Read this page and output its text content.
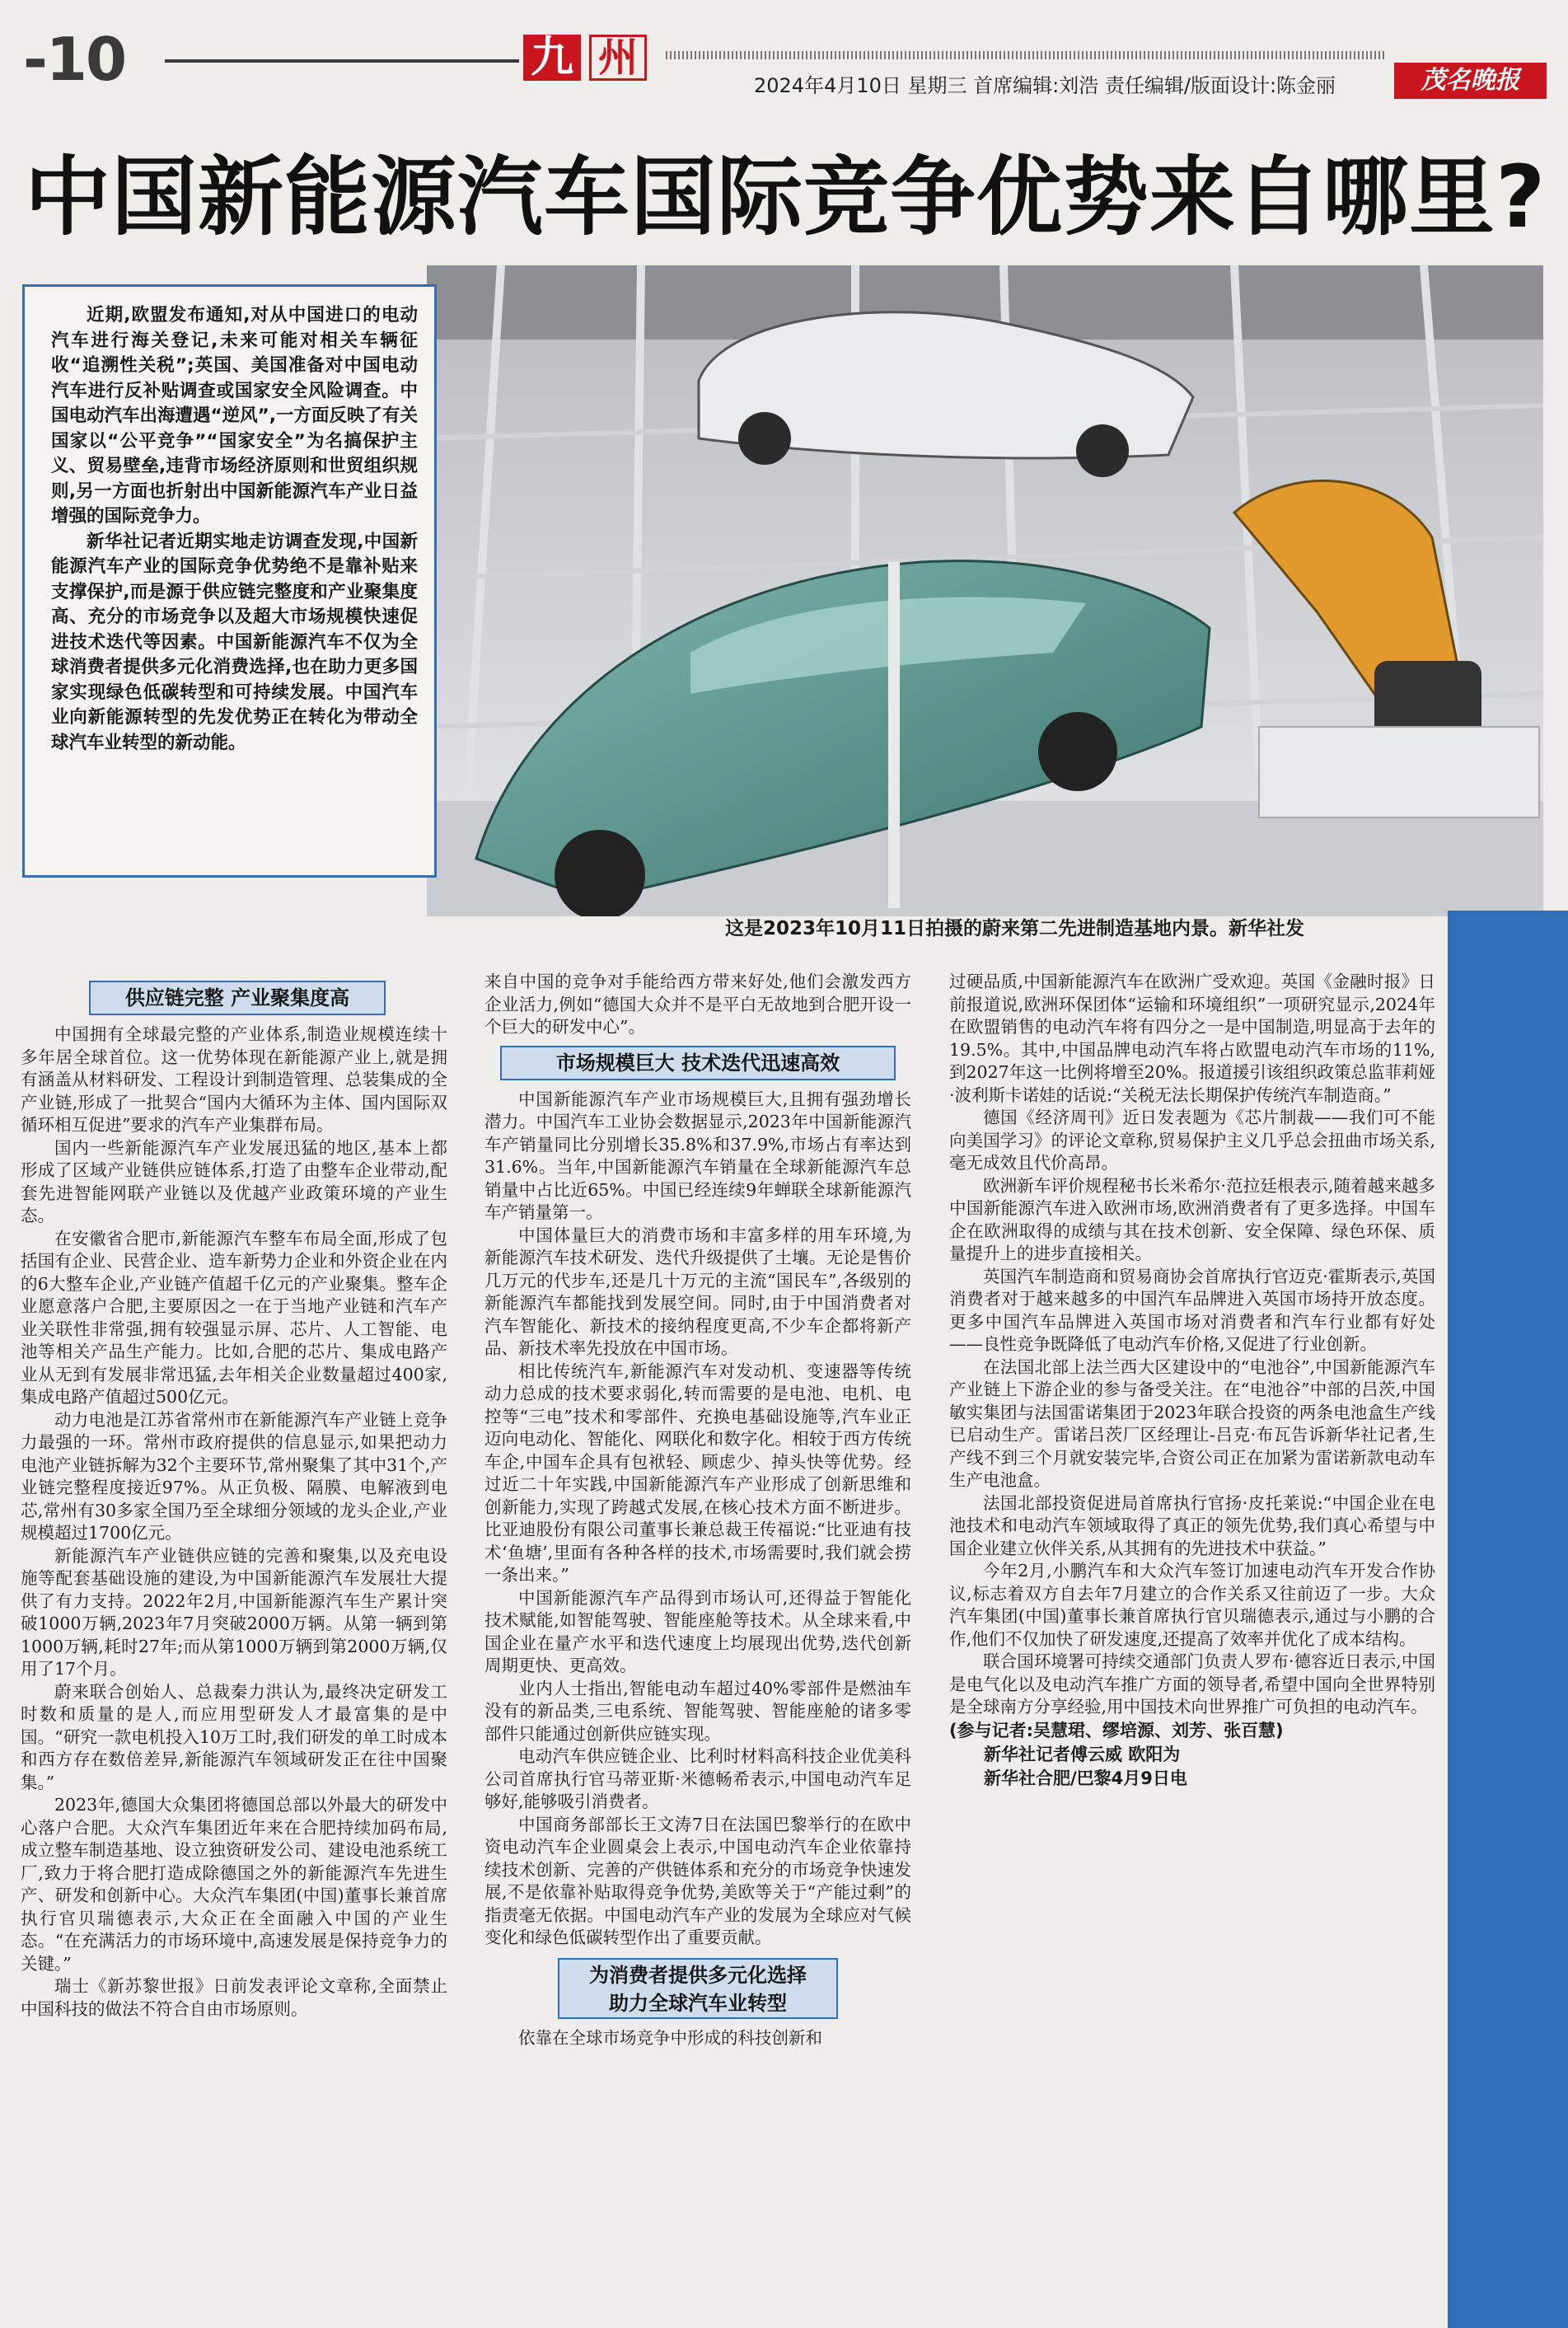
-10	九 州
2024年4月10日 星期三 首席编辑:刘浩 责任编辑/版面设计:陈金丽	茂名晚报
中国新能源汽车国际竞争优势来自哪里?

近期,欧盟发布通知,对从中国进口的电动汽车进行海关登记,未来可能对相关车辆征收“追溯性关税”;英国、美国准备对中国电动汽车进行反补贴调查或国家安全风险调查。中国电动汽车出海遭遇“逆风”,一方面反映了有关国家以“公平竞争”“国家安全”为名搞保护主义、贸易壁垒,违背市场经济原则和世贸组织规则,另一方面也折射出中国新能源汽车产业日益增强的国际竞争力。

新华社记者近期实地走访调查发现,中国新能源汽车产业的国际竞争优势绝不是靠补贴来支撑保护,而是源于供应链完整度和产业聚集度高、充分的市场竞争以及超大市场规模快速促进技术迭代等因素。中国新能源汽车不仅为全球消费者提供多元化消费选择,也在助力更多国家实现绿色低碳转型和可持续发展。中国汽车业向新能源转型的先发优势正在转化为带动全球汽车业转型的新动能。

这是2023年10月11日拍摄的蔚来第二先进制造基地内景。新华社发
供应链完整 产业聚集度高

中国拥有全球最完整的产业体系,制造业规模连续十多年居全球首位。这一优势体现在新能源产业上,就是拥有涵盖从材料研发、工程设计到制造管理、总装集成的全产业链,形成了一批契合“国内大循环为主体、国内国际双循环相互促进”要求的汽车产业集群布局。

国内一些新能源汽车产业发展迅猛的地区,基本上都形成了区域产业链供应链体系,打造了由整车企业带动,配套先进智能网联产业链以及优越产业政策环境的产业生态。

在安徽省合肥市,新能源汽车整车布局全面,形成了包括国有企业、民营企业、造车新势力企业和外资企业在内的6大整车企业,产业链产值超千亿元的产业聚集。整车企业愿意落户合肥,主要原因之一在于当地产业链和汽车产业关联性非常强,拥有较强显示屏、芯片、人工智能、电池等相关产品生产能力。比如,合肥的芯片、集成电路产业从无到有发展非常迅猛,去年相关企业数量超过400家,集成电路产值超过500亿元。

动力电池是江苏省常州市在新能源汽车产业链上竞争力最强的一环。常州市政府提供的信息显示,如果把动力电池产业链拆解为32个主要环节,常州聚集了其中31个,产业链完整程度接近97%。从正负极、隔膜、电解液到电芯,常州有30多家全国乃至全球细分领域的龙头企业,产业规模超过1700亿元。

新能源汽车产业链供应链的完善和聚集,以及充电设施等配套基础设施的建设,为中国新能源汽车发展壮大提供了有力支持。2022年2月,中国新能源汽车生产累计突破1000万辆,2023年7月突破2000万辆。从第一辆到第1000万辆,耗时27年;而从第1000万辆到第2000万辆,仅用了17个月。

蔚来联合创始人、总裁秦力洪认为,最终决定研发工时数和质量的是人,而应用型研发人才最富集的是中国。“研究一款电机投入10万工时,我们研发的单工时成本和西方存在数倍差异,新能源汽车领域研发正在往中国聚集。”

2023年,德国大众集团将德国总部以外最大的研发中心落户合肥。大众汽车集团近年来在合肥持续加码布局,成立整车制造基地、设立独资研发公司、建设电池系统工厂,致力于将合肥打造成除德国之外的新能源汽车先进生产、研发和创新中心。大众汽车集团(中国)董事长兼首席执行官贝瑞德表示,大众正在全面融入中国的产业生态。“在充满活力的市场环境中,高速发展是保持竞争力的关键。”

瑞士《新苏黎世报》日前发表评论文章称,全面禁止中国科技的做法不符合自由市场原则。

来自中国的竞争对手能给西方带来好处,他们会激发西方企业活力,例如“德国大众并不是平白无故地到合肥开设一个巨大的研发中心”。

市场规模巨大 技术迭代迅速高效

中国新能源汽车产业市场规模巨大,且拥有强劲增长潜力。中国汽车工业协会数据显示,2023年中国新能源汽车产销量同比分别增长35.8%和37.9%,市场占有率达到31.6%。当年,中国新能源汽车销量在全球新能源汽车总销量中占比近65%。中国已经连续9年蝉联全球新能源汽车产销量第一。

中国体量巨大的消费市场和丰富多样的用车环境,为新能源汽车技术研发、迭代升级提供了土壤。无论是售价几万元的代步车,还是几十万元的主流“国民车”,各级别的新能源汽车都能找到发展空间。同时,由于中国消费者对汽车智能化、新技术的接纳程度更高,不少车企都将新产品、新技术率先投放在中国市场。

相比传统汽车,新能源汽车对发动机、变速器等传统动力总成的技术要求弱化,转而需要的是电池、电机、电控等“三电”技术和零部件、充换电基础设施等,汽车业正迈向电动化、智能化、网联化和数字化。相较于西方传统车企,中国车企具有包袱轻、顾虑少、掉头快等优势。经过近二十年实践,中国新能源汽车产业形成了创新思维和创新能力,实现了跨越式发展,在核心技术方面不断进步。比亚迪股份有限公司董事长兼总裁王传福说:“比亚迪有技术‘鱼塘’,里面有各种各样的技术,市场需要时,我们就会捞一条出来。”

中国新能源汽车产品得到市场认可,还得益于智能化技术赋能,如智能驾驶、智能座舱等技术。从全球来看,中国企业在量产水平和迭代速度上均展现出优势,迭代创新周期更快、更高效。

业内人士指出,智能电动车超过40%零部件是燃油车没有的新品类,三电系统、智能驾驶、智能座舱的诸多零部件只能通过创新供应链实现。

电动汽车供应链企业、比利时材料高科技企业优美科公司首席执行官马蒂亚斯·米德畅希表示,中国电动汽车足够好,能够吸引消费者。

中国商务部部长王文涛7日在法国巴黎举行的在欧中资电动汽车企业圆桌会上表示,中国电动汽车企业依靠持续技术创新、完善的产供链体系和充分的市场竞争快速发展,不是依靠补贴取得竞争优势,美欧等关于“产能过剩”的指责毫无依据。中国电动汽车产业的发展为全球应对气候变化和绿色低碳转型作出了重要贡献。

为消费者提供多元化选择
助力全球汽车业转型

依靠在全球市场竞争中形成的科技创新和

过硬品质,中国新能源汽车在欧洲广受欢迎。英国《金融时报》日前报道说,欧洲环保团体“运输和环境组织”一项研究显示,2024年在欧盟销售的电动汽车将有四分之一是中国制造,明显高于去年的19.5%。其中,中国品牌电动汽车将占欧盟电动汽车市场的11%,到2027年这一比例将增至20%。报道援引该组织政策总监菲莉娅·波利斯卡诺娃的话说:“关税无法长期保护传统汽车制造商。”

德国《经济周刊》近日发表题为《芯片制裁——我们可不能向美国学习》的评论文章称,贸易保护主义几乎总会扭曲市场关系,毫无成效且代价高昂。

欧洲新车评价规程秘书长米希尔·范拉廷根表示,随着越来越多中国新能源汽车进入欧洲市场,欧洲消费者有了更多选择。中国车企在欧洲取得的成绩与其在技术创新、安全保障、绿色环保、质量提升上的进步直接相关。

英国汽车制造商和贸易商协会首席执行官迈克·霍斯表示,英国消费者对于越来越多的中国汽车品牌进入英国市场持开放态度。更多中国汽车品牌进入英国市场对消费者和汽车行业都有好处——良性竞争既降低了电动汽车价格,又促进了行业创新。

在法国北部上法兰西大区建设中的“电池谷”,中国新能源汽车产业链上下游企业的参与备受关注。在“电池谷”中部的吕茨,中国敏实集团与法国雷诺集团于2023年联合投资的两条电池盒生产线已启动生产。雷诺吕茨厂区经理让-吕克·布瓦告诉新华社记者,生产线不到三个月就安装完毕,合资公司正在加紧为雷诺新款电动车生产电池盒。

法国北部投资促进局首席执行官扬·皮托莱说:“中国企业在电池技术和电动汽车领域取得了真正的领先优势,我们真心希望与中国企业建立伙伴关系,从其拥有的先进技术中获益。”

今年2月,小鹏汽车和大众汽车签订加速电动汽车开发合作协议,标志着双方自去年7月建立的合作关系又往前迈了一步。大众汽车集团(中国)董事长兼首席执行官贝瑞德表示,通过与小鹏的合作,他们不仅加快了研发速度,还提高了效率并优化了成本结构。

联合国环境署可持续交通部门负责人罗布·德容近日表示,中国是电气化以及电动汽车推广方面的领导者,希望中国向全世界特别是全球南方分享经验,用中国技术向世界推广可负担的电动汽车。

(参与记者:吴慧珺、缪培源、刘芳、张百慧)

新华社记者傅云威 欧阳为

新华社合肥/巴黎4月9日电
